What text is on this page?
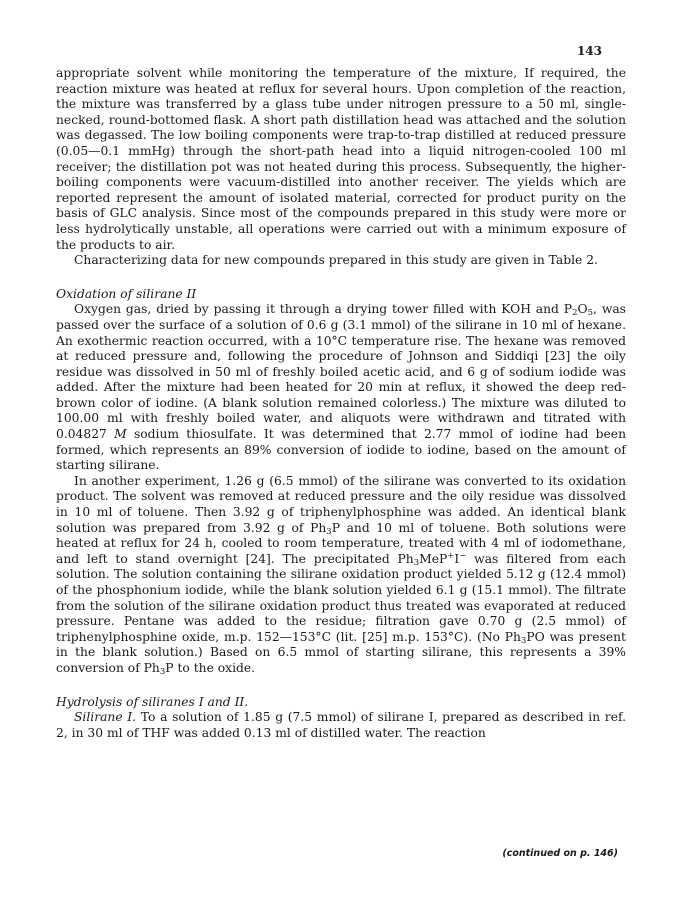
143

appropriate solvent while monitoring the temperature of the mixture, If required, the reaction mixture was heated at reflux for several hours. Upon completion of the reaction, the mixture was transferred by a glass tube under nitrogen pressure to a 50 ml, single-necked, round-bottomed flask. A short path distillation head was attached and the solution was degassed. The low boiling components were trap-to-trap distilled at reduced pressure (0.05—0.1 mmHg) through the short-path head into a liquid nitrogen-cooled 100 ml receiver; the distillation pot was not heated during this process. Subsequently, the higher-boiling components were vacuum-distilled into another receiver. The yields which are reported represent the amount of isolated material, corrected for product purity on the basis of GLC analysis. Since most of the compounds prepared in this study were more or less hydrolytically unstable, all operations were carried out with a minimum exposure of the products to air.

Characterizing data for new compounds prepared in this study are given in Table 2.

Oxidation of silirane II

Oxygen gas, dried by passing it through a drying tower filled with KOH and $P_2O_5$, was passed over the surface of a solution of 0.6 g (3.1 mmol) of the silirane in 10 ml of hexane. An exothermic reaction occurred, with a 10°C temperature rise. The hexane was removed at reduced pressure and, following the procedure of Johnson and Siddiqi [23] the oily residue was dissolved in 50 ml of freshly boiled acetic acid, and 6 g of sodium iodide was added. After the mixture had been heated for 20 min at reflux, it showed the deep red-brown color of iodine. (A blank solution remained colorless.) The mixture was diluted to 100.00 ml with freshly boiled water, and aliquots were withdrawn and titrated with 0.04827 M sodium thiosulfate. It was determined that 2.77 mmol of iodine had been formed, which represents an 89% conversion of iodide to iodine, based on the amount of starting silirane.

In another experiment, 1.26 g (6.5 mmol) of the silirane was converted to its oxidation product. The solvent was removed at reduced pressure and the oily residue was dissolved in 10 ml of toluene. Then 3.92 g of triphenylphosphine was added. An identical blank solution was prepared from 3.92 g of $Ph_3P$ and 10 ml of toluene. Both solutions were heated at reflux for 24 h, cooled to room temperature, treated with 4 ml of iodomethane, and left to stand overnight [24]. The precipitated $Ph_3MeP^+I^-$ was filtered from each solution. The solution containing the silirane oxidation product yielded 5.12 g (12.4 mmol) of the phosphonium iodide, while the blank solution yielded 6.1 g (15.1 mmol). The filtrate from the solution of the silirane oxidation product thus treated was evaporated at reduced pressure. Pentane was added to the residue; filtration gave 0.70 g (2.5 mmol) of triphenylphosphine oxide, m.p. 152—153°C (lit. [25] m.p. 153°C). (No $Ph_3PO$ was present in the blank solution.) Based on 6.5 mmol of starting silirane, this represents a 39% conversion of $Ph_3P$ to the oxide.

Hydrolysis of siliranes I and II.

Silirane I. To a solution of 1.85 g (7.5 mmol) of silirane I, prepared as described in ref. 2, in 30 ml of THF was added 0.13 ml of distilled water. The reaction

(continued on p. 146)
